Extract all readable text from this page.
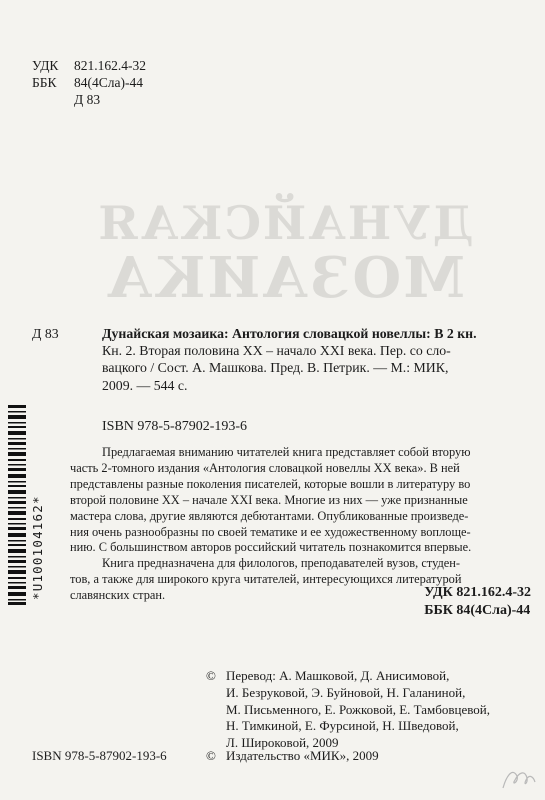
ДУНАЙСКАЯ
МОЗАИКА
УДК	821.162.4-32
ББК	84(4Сла)-44
Д 83
Д 83	Дунайская мозаика: Антология словацкой новеллы: В 2 кн.
Кн. 2. Вторая половина XX – начало XXI века. Пер. со сло-
вацкого / Сост. А. Машкова. Пред. В. Петрик. — М.: МИК,
2009. — 544 с.
ISBN 978-5-87902-193-6
Предлагаемая вниманию читателей книга представляет собой вторую
часть 2-томного издания «Антология словацкой новеллы XX века». В ней
представлены разные поколения писателей, которые вошли в литературу во
второй половине XX – начале XXI века. Многие из них — уже признанные
мастера слова, другие являются дебютантами. Опубликованные произведе-
ния очень разнообразны по своей тематике и ее художественному воплоще-
нию. С большинством авторов российский читатель познакомится впервые.
Книга предназначена для филологов, преподавателей вузов, студен-
тов, а также для широкого круга читателей, интересующихся литературой
славянских стран.	УДК 821.162.4-32
ББК 84(4Сла)-44
*U100104162*
© Перевод: А. Машковой, Д. Анисимовой,
И. Безруковой, Э. Буйновой, Н. Галаниной,
М. Письменного, Е. Рожковой, Е. Тамбовцевой,
Н. Тимкиной, Е. Фурсиной, Н. Шведовой,
Л. Широковой, 2009
ISBN 978-5-87902-193-6	© Издательство «МИК», 2009
